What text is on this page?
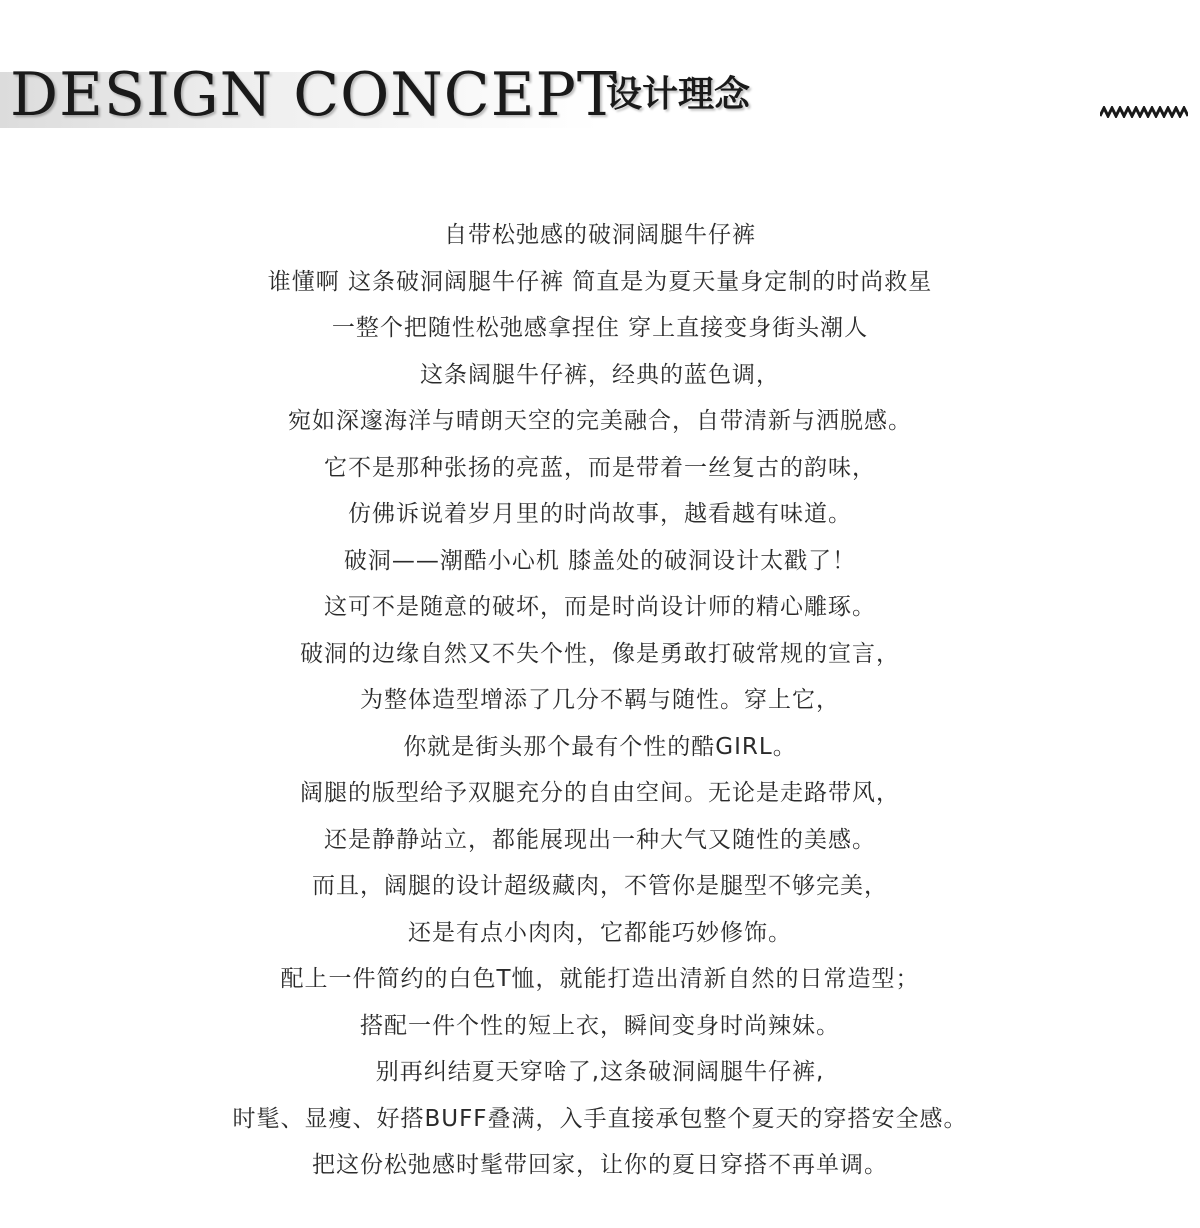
DESIGN CONCEPT
设计理念
自带松弛感的破洞阔腿牛仔裤
谁懂啊 这条破洞阔腿牛仔裤 简直是为夏天量身定制的时尚救星
一整个把随性松弛感拿捏住 穿上直接变身街头潮人
这条阔腿牛仔裤，经典的蓝色调，
宛如深邃海洋与晴朗天空的完美融合，自带清新与洒脱感。
它不是那种张扬的亮蓝，而是带着一丝复古的韵味，
仿佛诉说着岁月里的时尚故事，越看越有味道。
破洞——潮酷小心机 膝盖处的破洞设计太戳了！
这可不是随意的破坏，而是时尚设计师的精心雕琢。
破洞的边缘自然又不失个性，像是勇敢打破常规的宣言，
为整体造型增添了几分不羁与随性。穿上它，
你就是街头那个最有个性的酷GIRL。
阔腿的版型给予双腿充分的自由空间。无论是走路带风，
还是静静站立，都能展现出一种大气又随性的美感。
而且，阔腿的设计超级藏肉，不管你是腿型不够完美，
还是有点小肉肉，它都能巧妙修饰。
配上一件简约的白色T恤，就能打造出清新自然的日常造型；
搭配一件个性的短上衣，瞬间变身时尚辣妹。
别再纠结夏天穿啥了,这条破洞阔腿牛仔裤,
时髦、显瘦、好搭BUFF叠满，入手直接承包整个夏天的穿搭安全感。
把这份松弛感时髦带回家，让你的夏日穿搭不再单调。
